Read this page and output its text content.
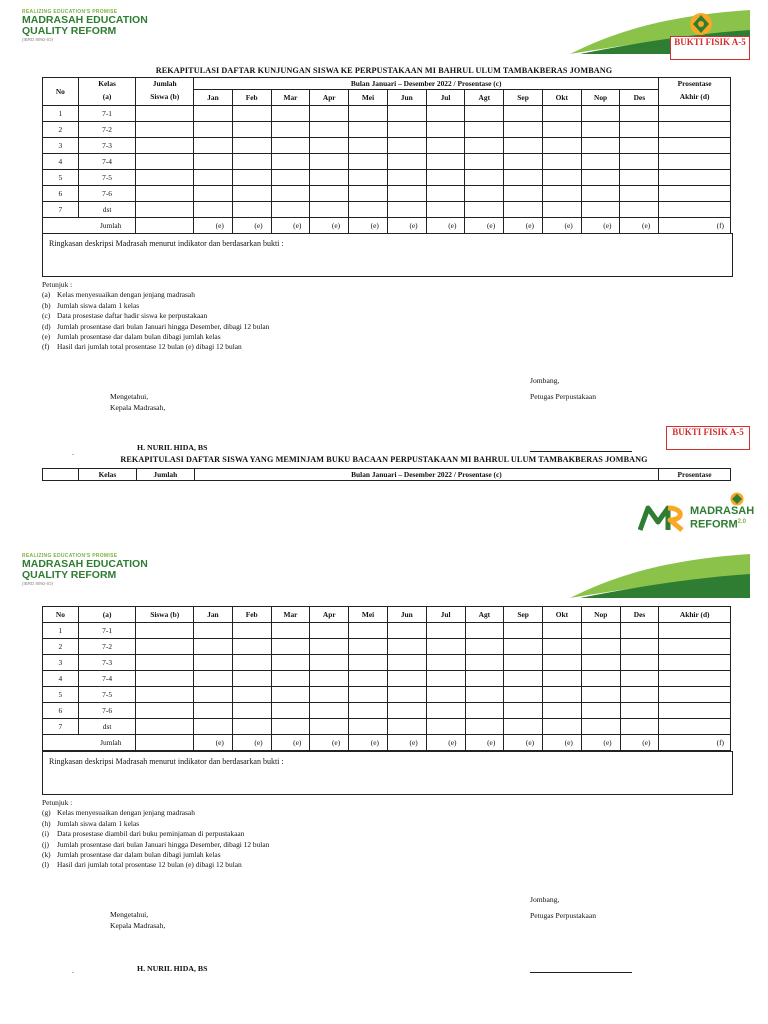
REALIZING EDUCATION'S PROMISE
MADRASAH EDUCATION
QUALITY REFORM
(IBRD 8992-ID)	BUKTI FISIK A-5
REKAPITULASI DAFTAR KUNJUNGAN SISWA KE PERPUSTAKAAN MI BAHRUL ULUM TAMBAKBERAS JOMBANG
No	Kelas	Jumlah	Bulan Januari – Desember 2022 / Prosentase (c)												Prosentase
	(a)	Siswa (b)	Jan	Feb	Mar	Apr	Mei	Jun	Jul	Agt	Sep	Okt	Nop	Des	Akhir (d)
1	7-1														
2	7-2														
3	7-3														
4	7-4														
5	7-5														
6	7-6														
7	dst														
Jumlah			(e)	(e)	(e)	(e)	(e)	(e)	(e)	(e)	(e)	(e)	(e)	(e)	(f)
Ringkasan deskripsi Madrasah menurut indikator dan berdasarkan bukti :
Petunjuk :
(a) Kelas menyesuaikan dengan jenjang madrasah
(b) Jumlah siswa dalam 1 kelas
(c) Data prosestase daftar hadir siswa ke perpustakaan
(d) Jumlah prosentase dari bulan Januari hingga Desember, dibagi 12 bulan
(e) Jumlah prosentase dar dalam bulan dibagi jumlah kelas
(f) Hasil dari jumlah total prosentase 12 bulan (e) dibagi 12 bulan
Mengetahui,
Kepala Madrasah,
Jombang,
Petugas Perpustakaan
.
H. NURIL HIDA, BS
BUKTI FISIK A-5
REKAPITULASI DAFTAR SISWA YANG MEMINJAM BUKU BACAAN PERPUSTAKAAN MI BAHRUL ULUM TAMBAKBERAS JOMBANG
	Kelas	Jumlah	Bulan Januari – Desember 2022 / Prosentase (c)	Prosentase
MADRASAH
$REFORM^{2.0}$
REALIZING EDUCATION'S PROMISE
MADRASAH EDUCATION
QUALITY REFORM
(IBRD 8992-ID)
No	(a)	Siswa (b)	Jan	Feb	Mar	Apr	Mei	Jun	Jul	Agt	Sep	Okt	Nop	Des	Akhir (d)
1	7-1														
2	7-2														
3	7-3														
4	7-4														
5	7-5														
6	7-6														
7	dst														
Jumlah			(e)	(e)	(e)	(e)	(e)	(e)	(e)	(e)	(e)	(e)	(e)	(e)	(f)
Ringkasan deskripsi Madrasah menurut indikator dan berdasarkan bukti :
Petunjuk :
(g) Kelas menyesuaikan dengan jenjang madrasah
(h) Jumlah siswa dalam 1 kelas
(i) Data prosestase diambil dari buku peminjaman di perpustakaan
(j) Jumlah prosentase dari bulan Januari hingga Desember, dibagi 12 bulan
(k) Jumlah prosentase dar dalam bulan dibagi jumlah kelas
(l) Hasil dari jumlah total prosentase 12 bulan (e) dibagi 12 bulan
Mengetahui,
Kepala Madrasah,
Jombang,
Petugas Perpustakaan
.	H. NURIL HIDA, BS
